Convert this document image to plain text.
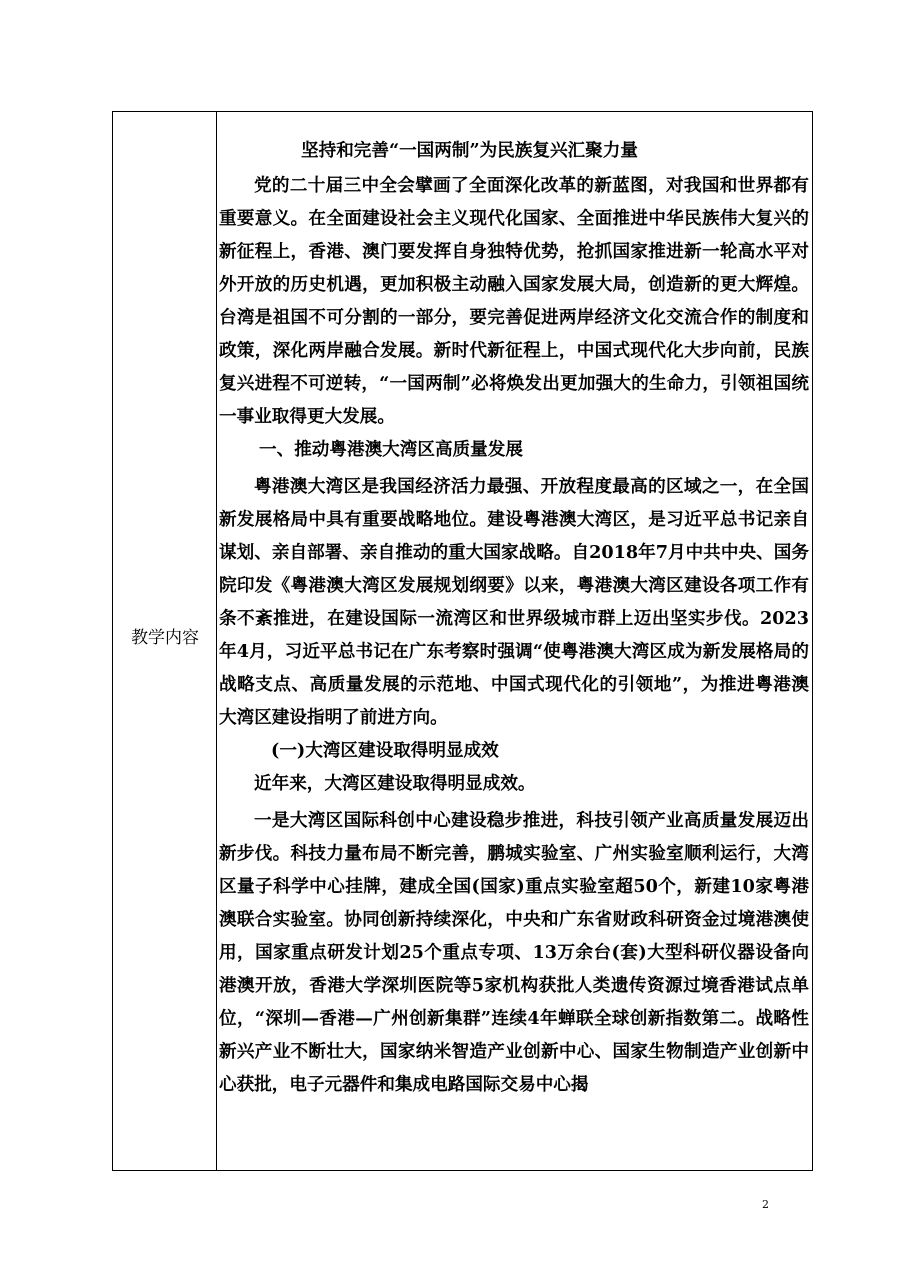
教学内容

坚持和完善“一国两制”为民族复兴汇聚力量

党的二十届三中全会擘画了全面深化改革的新蓝图，对我国和世界都有重要意义。在全面建设社会主义现代化国家、全面推进中华民族伟大复兴的新征程上，香港、澳门要发挥自身独特优势，抢抓国家推进新一轮高水平对外开放的历史机遇，更加积极主动融入国家发展大局，创造新的更大辉煌。台湾是祖国不可分割的一部分，要完善促进两岸经济文化交流合作的制度和政策，深化两岸融合发展。新时代新征程上，中国式现代化大步向前，民族复兴进程不可逆转，“一国两制”必将焕发出更加强大的生命力，引领祖国统一事业取得更大发展。

一、推动粤港澳大湾区高质量发展

粤港澳大湾区是我国经济活力最强、开放程度最高的区域之一，在全国新发展格局中具有重要战略地位。建设粤港澳大湾区，是习近平总书记亲自谋划、亲自部署、亲自推动的重大国家战略。自2018年7月中共中央、国务院印发《粤港澳大湾区发展规划纲要》以来，粤港澳大湾区建设各项工作有条不紊推进，在建设国际一流湾区和世界级城市群上迈出坚实步伐。2023年4月，习近平总书记在广东考察时强调“使粤港澳大湾区成为新发展格局的战略支点、高质量发展的示范地、中国式现代化的引领地”，为推进粤港澳大湾区建设指明了前进方向。

(一)大湾区建设取得明显成效

近年来，大湾区建设取得明显成效。

一是大湾区国际科创中心建设稳步推进，科技引领产业高质量发展迈出新步伐。科技力量布局不断完善，鹏城实验室、广州实验室顺利运行，大湾区量子科学中心挂牌，建成全国(国家)重点实验室超50个，新建10家粤港澳联合实验室。协同创新持续深化，中央和广东省财政科研资金过境港澳使用，国家重点研发计划25个重点专项、13万余台(套)大型科研仪器设备向港澳开放，香港大学深圳医院等5家机构获批人类遗传资源过境香港试点单位，“深圳—香港—广州创新集群”连续4年蝉联全球创新指数第二。战略性新兴产业不断壮大，国家纳米智造产业创新中心、国家生物制造产业创新中心获批，电子元器件和集成电路国际交易中心揭

2
